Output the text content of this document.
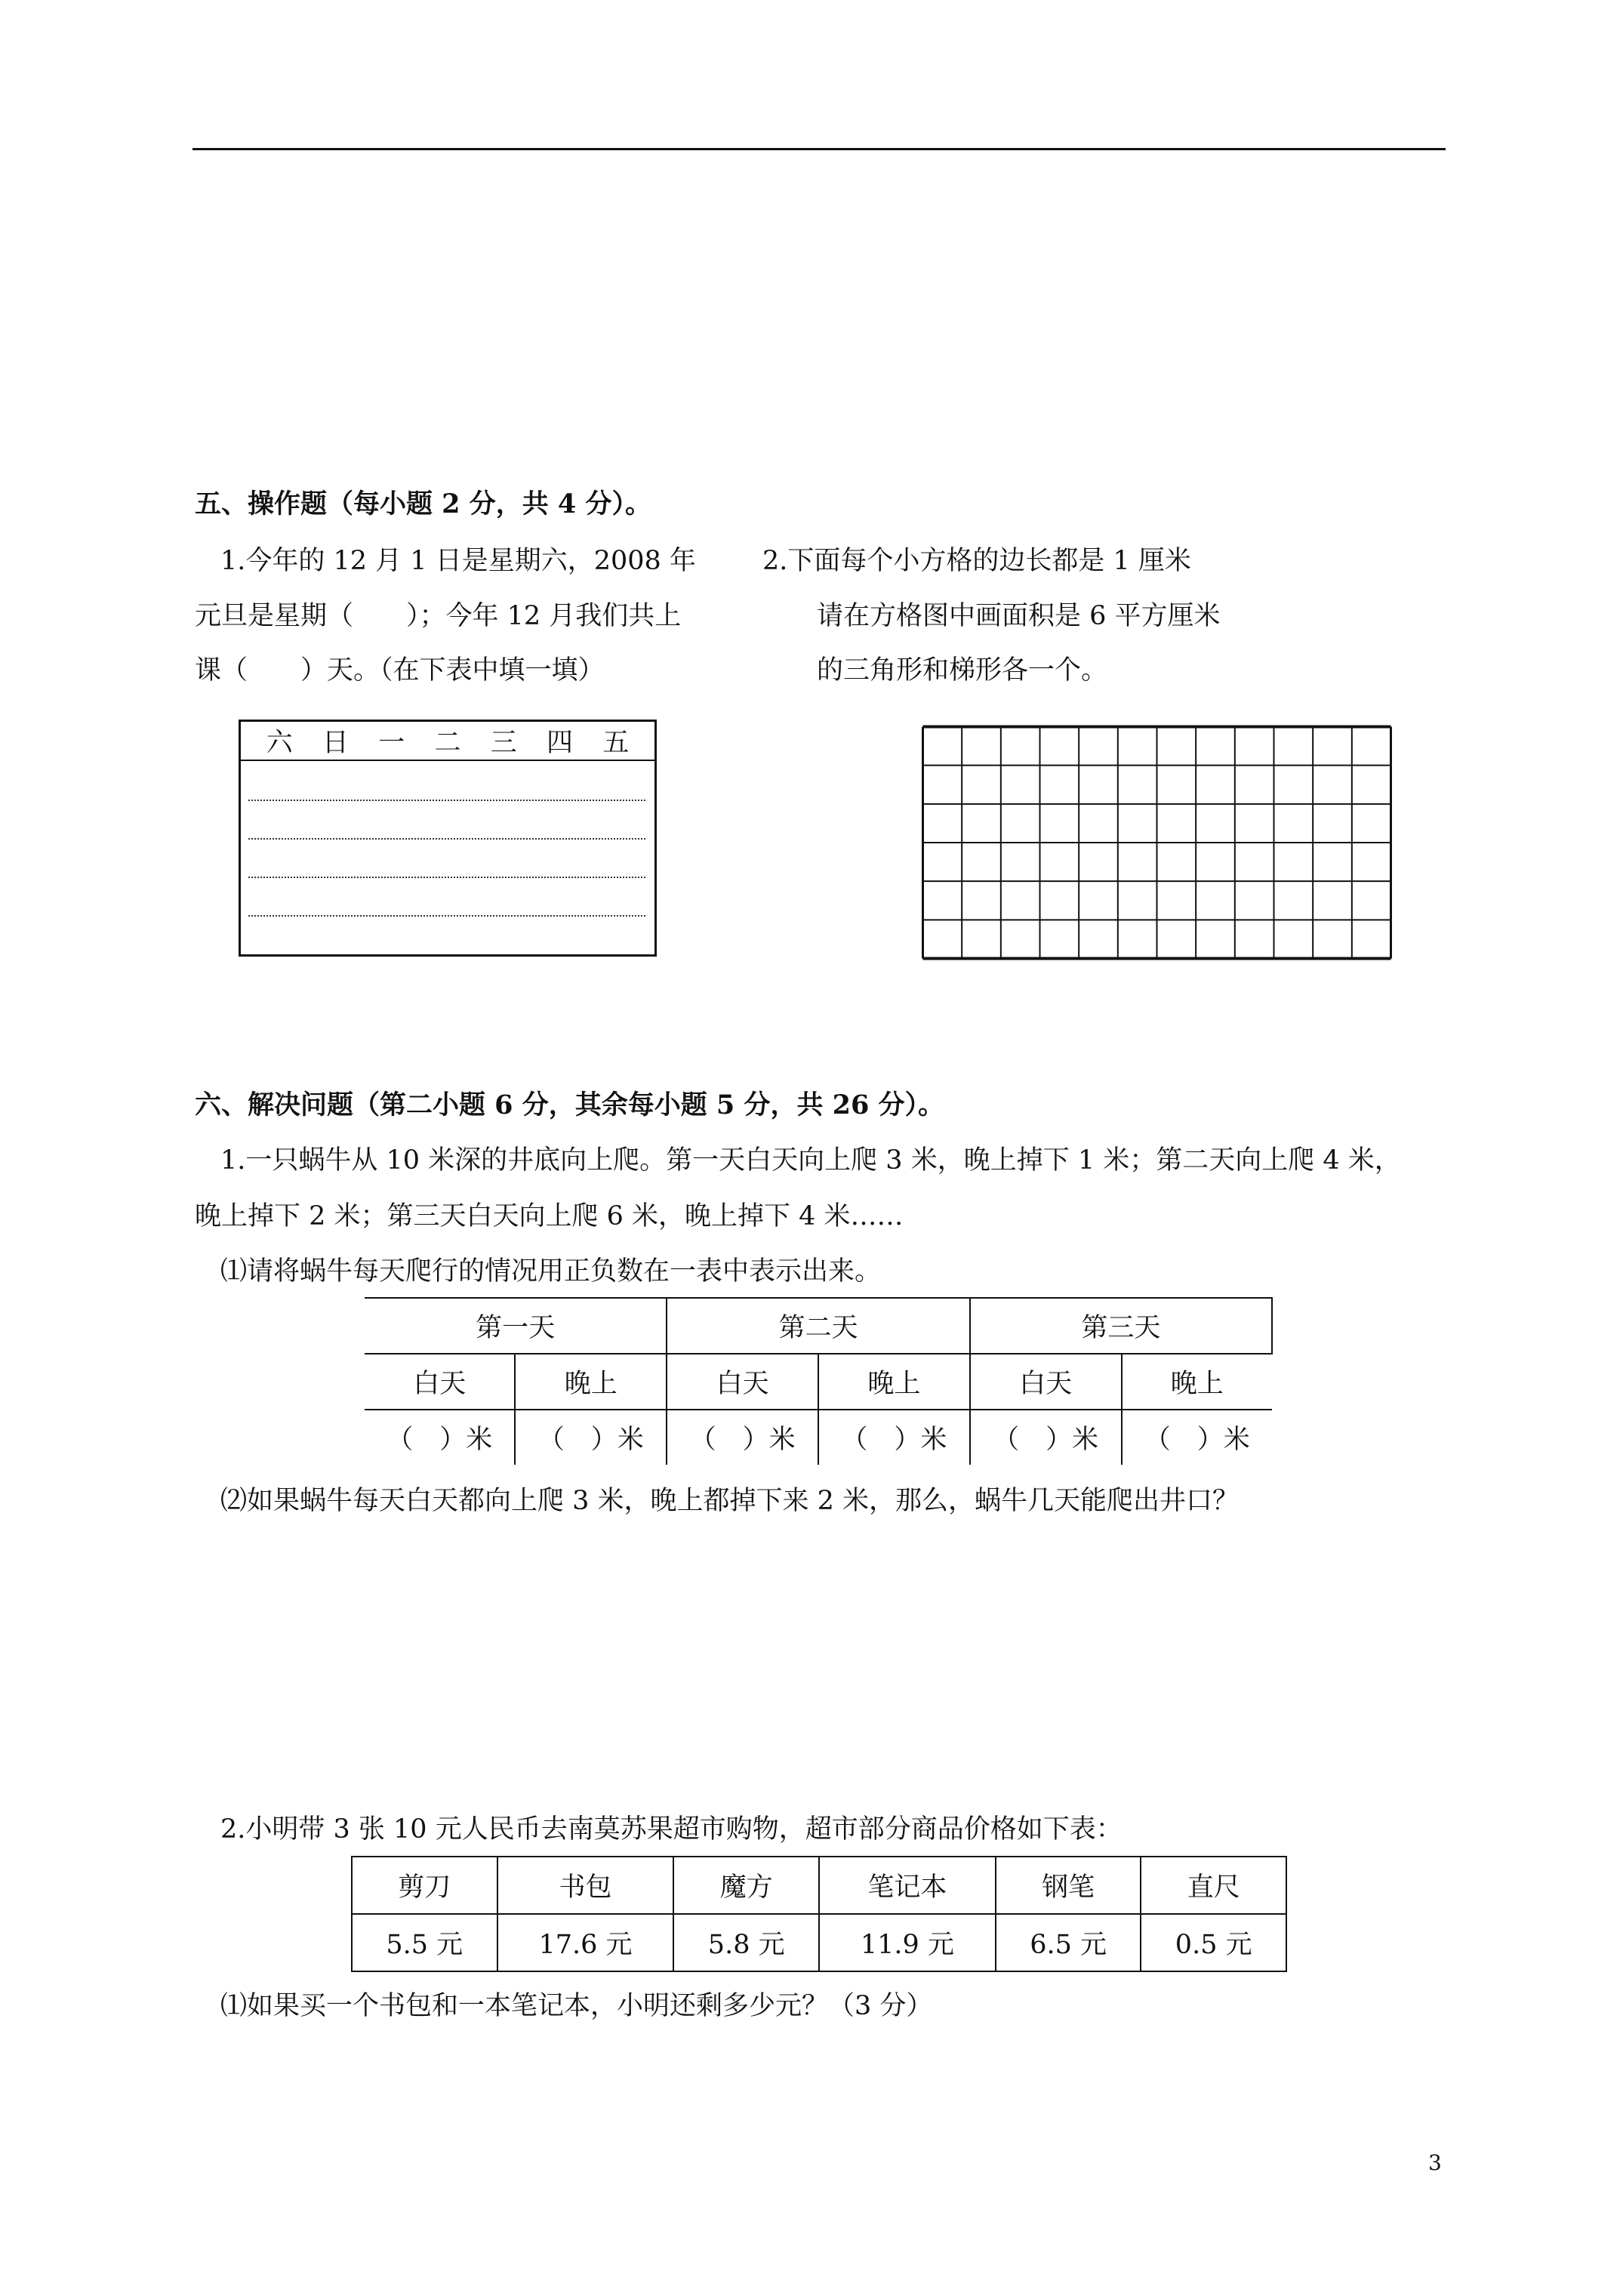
五、操作题（每小题 2 分，共 4 分）。
1.今年的 12 月 1 日是星期六，2008 年
元旦是星期（　　）；今年 12 月我们共上
课（　　）天。（在下表中填一填）
2.下面每个小方格的边长都是 1 厘米
请在方格图中画面积是 6 平方厘米
的三角形和梯形各一个。
六 日 一 二 三 四 五
六、解决问题（第二小题 6 分，其余每小题 5 分，共 26 分）。
1.一只蜗牛从 10 米深的井底向上爬。第一天白天向上爬 3 米，晚上掉下 1 米；第二天向上爬 4 米，
晚上掉下 2 米；第三天白天向上爬 6 米，晚上掉下 4 米……
⑴请将蜗牛每天爬行的情况用正负数在一表中表示出来。
第一天		第二天		第三天	
白天	晚上	白天	晚上	白天	晚上
（　）米	（　）米	（　）米	（　）米	（　）米	（　）米
⑵如果蜗牛每天白天都向上爬 3 米，晚上都掉下来 2 米，那么，蜗牛几天能爬出井口？
2.小明带 3 张 10 元人民币去南莫苏果超市购物，超市部分商品价格如下表：
剪刀	书包	魔方	笔记本	钢笔	直尺
5.5 元	17.6 元	5.8 元	11.9 元	6.5 元	0.5 元
⑴如果买一个书包和一本笔记本，小明还剩多少元？（3 分）
3
